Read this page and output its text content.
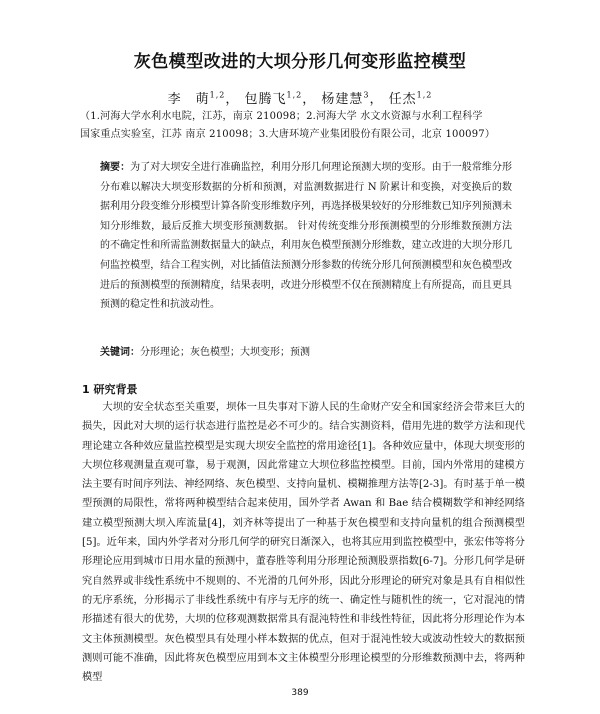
灰色模型改进的大坝分形几何变形监控模型
李　萌$^{1,2}$， 包腾飞$^{1,2}$， 杨建慧$^3$， 任杰$^{1,2}$
（1.河海大学水利水电院，江苏，南京 210098；2.河海大学 水文水资源与水利工程科学
国家重点实验室，江苏 南京 210098；3.大唐环境产业集团股份有限公司，北京 100097）
摘要：为了对大坝安全进行准确监控，利用分形几何理论预测大坝的变形。由于一般常维分形分布难以解决大坝变形数据的分析和预测，对监测数据进行 N 阶累计和变换，对变换后的数据利用分段变维分形模型计算各阶变形维数序列，再选择极果较好的分形维数已知序列预测未知分形维数，最后反推大坝变形预测数据。 针对传统变维分形预测模型的分形维数预测方法的不确定性和所需监测数据量大的缺点，利用灰色模型预测分形维数，建立改进的大坝分形几何监控模型，结合工程实例，对比插值法预测分形参数的传统分形几何预测模型和灰色模型改进后的预测模型的预测精度，结果表明，改进分形模型不仅在预测精度上有所提高，而且更具预测的稳定性和抗波动性。
关键词：分形理论；灰色模型；大坝变形；预测
1 研究背景
大坝的安全状态至关重要，坝体一旦失事对下游人民的生命财产安全和国家经济会带来巨大的损失，因此对大坝的运行状态进行监控是必不可少的。结合实测资料，借用先进的数学方法和现代理论建立各种效应量监控模型是实现大坝安全监控的常用途径[1]。各种效应量中，体现大坝变形的大坝位移观测量直观可靠，易于观测，因此常建立大坝位移监控模型。目前，国内外常用的建模方法主要有时间序列法、神经网络、灰色模型、支持向量机、模糊推理方法等[2-3]。有时基于单一模型预测的局限性，常将两种模型结合起来使用，国外学者 Awan 和 Bae 结合模糊数学和神经网络建立模型预测大坝入库流量[4]，刘齐林等提出了一种基于灰色模型和支持向量机的组合预测模型[5]。近年来，国内外学者对分形几何学的研究日渐深入，也将其应用到监控模型中，张宏伟等将分形理论应用到城市日用水量的预测中，董春胜等利用分形理论预测股票指数[6-7]。分形几何学是研究自然界或非线性系统中不规则的、不光滑的几何外形，因此分形理论的研究对象是具有自相似性的无序系统，分形揭示了非线性系统中有序与无序的统一、确定性与随机性的统一，它对混沌的情形描述有很大的优势，大坝的位移观测数据常具有混沌特性和非线性特征，因此将分形理论作为本文主体预测模型。灰色模型具有处理小样本数据的优点，但对于混沌性较大或波动性较大的数据预测则可能不准确，因此将灰色模型应用到本文主体模型分形理论模型的分形维数预测中去，将两种模型
389
